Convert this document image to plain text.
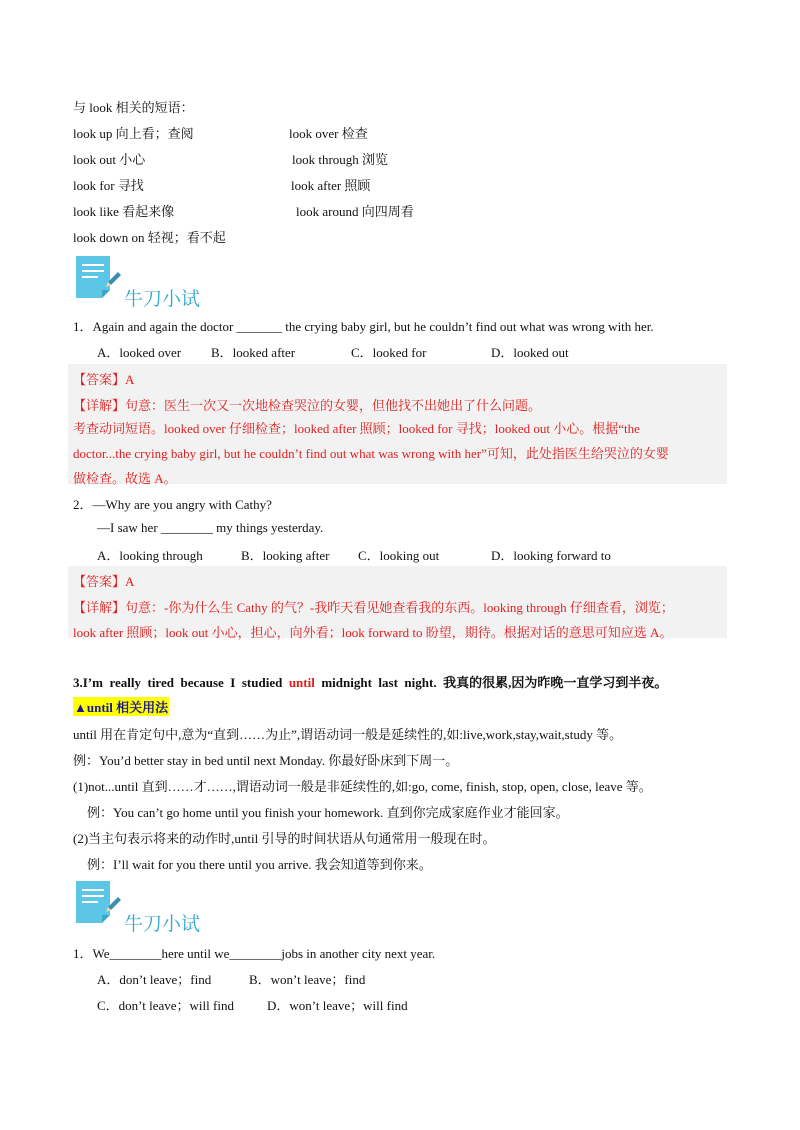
与 look 相关的短语：
look up 向上看；查阅	look over 检查
look out 小心	look through 浏览
look for 寻找	look after 照顾
look like 看起来像	look around 向四周看
look down on 轻视；看不起
牛刀小试
1．Again and again the doctor _______ the crying baby girl, but he couldn’t find out what was wrong with her.
A．looked over B．looked after	C．looked for	D．looked out
【答案】A
【详解】句意：医生一次又一次地检查哭泣的女婴，但他找不出她出了什么问题。
考查动词短语。looked over 仔细检查；looked after 照顾；looked for 寻找；looked out 小心。根据“the
doctor...the crying baby girl, but he couldn’t find out what was wrong with her”可知，此处指医生给哭泣的女婴
做检查。故选 A。
2．—Why are you angry with Cathy?
—I saw her ________ my things yesterday.
A．looking through	B．looking after C．looking out	D．looking forward to
【答案】A
【详解】句意：-你为什么生 Cathy 的气？-我昨天看见她查看我的东西。looking through 仔细查看，浏览；
look after 照顾；look out 小心，担心，向外看；look forward to 盼望，期待。根据对话的意思可知应选 A。
3.I’m  really  tired  because  I  studied  until  midnight  last  night.  我真的很累,因为昨晚一直学习到半夜。
▲until 相关用法
until 用在肯定句中,意为“直到……为止”,谓语动词一般是延续性的,如:live,work,stay,wait,study 等。
例：You’d better stay in bed until next Monday. 你最好卧床到下周一。
(1)not...until 直到……才……,谓语动词一般是非延续性的,如:go, come, finish, stop, open, close, leave 等。
例：You can’t go home until you finish your homework. 直到你完成家庭作业才能回家。
(2)当主句表示将来的动作时,until 引导的时间状语从句通常用一般现在时。
例：I’ll wait for you there until you arrive. 我会知道等到你来。
牛刀小试
1．We________here until we________jobs in another city next year.
A．don’t leave；find	B．won’t leave；find
C．don’t leave；will find	D．won’t leave；will find
